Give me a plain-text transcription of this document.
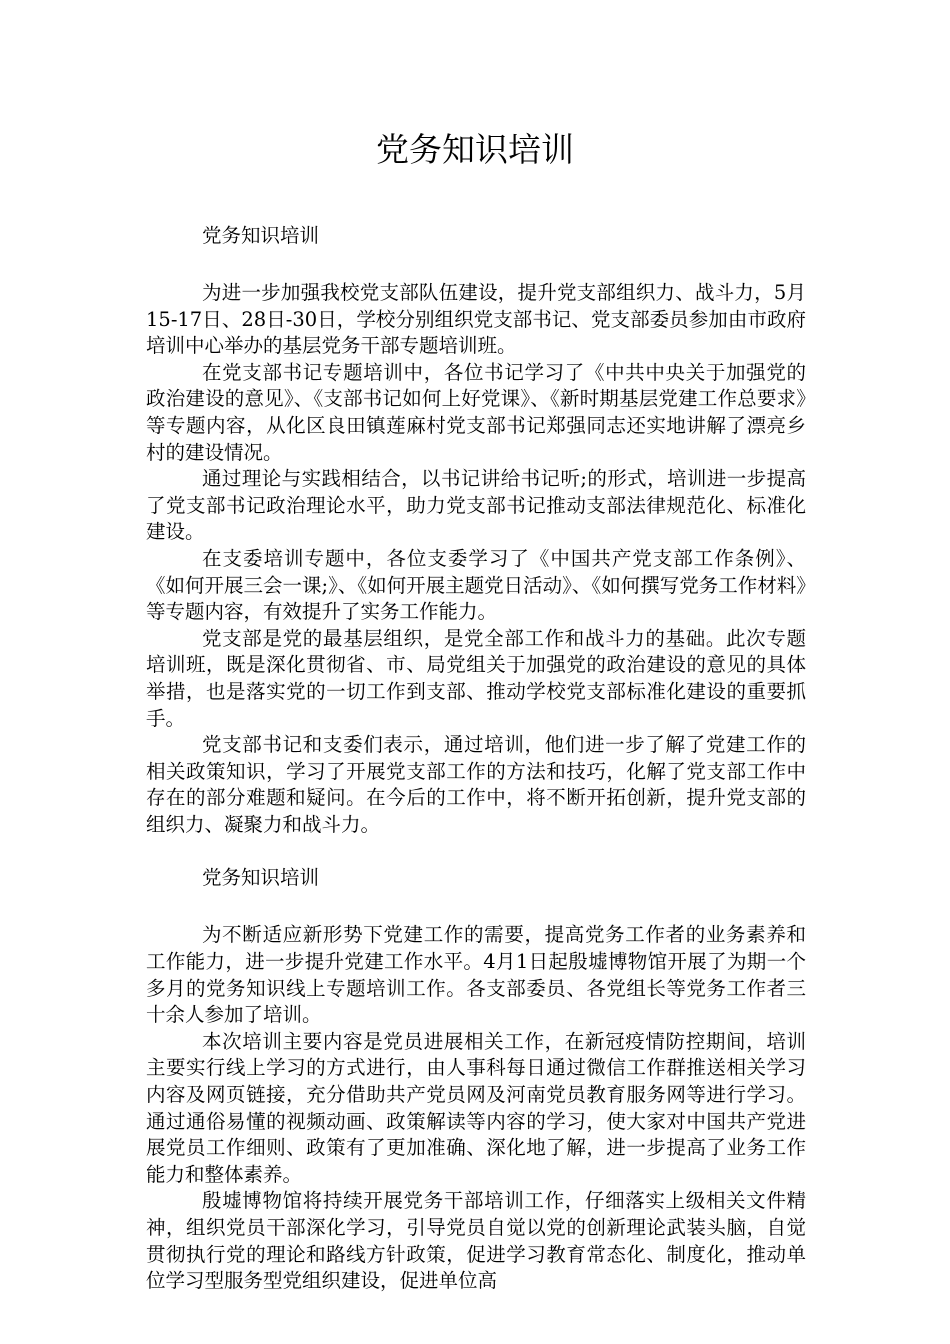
党务知识培训
党务知识培训

为进一步加强我校党支部队伍建设，提升党支部组织力、战斗力，5月15-17日、28日-30日，学校分别组织党支部书记、党支部委员参加由市政府培训中心举办的基层党务干部专题培训班。

在党支部书记专题培训中，各位书记学习了《中共中央关于加强党的政治建设的意见》、《支部书记如何上好党课》、《新时期基层党建工作总要求》等专题内容，从化区良田镇莲麻村党支部书记郑强同志还实地讲解了漂亮乡村的建设情况。

通过理论与实践相结合，以书记讲给书记听;的形式，培训进一步提高了党支部书记政治理论水平，助力党支部书记推动支部法律规范化、标准化建设。

在支委培训专题中，各位支委学习了《中国共产党支部工作条例》、《如何开展三会一课;》、《如何开展主题党日活动》、《如何撰写党务工作材料》等专题内容，有效提升了实务工作能力。

党支部是党的最基层组织，是党全部工作和战斗力的基础。此次专题培训班，既是深化贯彻省、市、局党组关于加强党的政治建设的意见的具体举措，也是落实党的一切工作到支部、推动学校党支部标准化建设的重要抓手。

党支部书记和支委们表示，通过培训，他们进一步了解了党建工作的相关政策知识，学习了开展党支部工作的方法和技巧，化解了党支部工作中存在的部分难题和疑问。在今后的工作中，将不断开拓创新，提升党支部的组织力、凝聚力和战斗力。

党务知识培训

为不断适应新形势下党建工作的需要，提高党务工作者的业务素养和工作能力，进一步提升党建工作水平。4月1日起殷墟博物馆开展了为期一个多月的党务知识线上专题培训工作。各支部委员、各党组长等党务工作者三十余人参加了培训。

本次培训主要内容是党员进展相关工作，在新冠疫情防控期间，培训主要实行线上学习的方式进行，由人事科每日通过微信工作群推送相关学习内容及网页链接，充分借助共产党员网及河南党员教育服务网等进行学习。通过通俗易懂的视频动画、政策解读等内容的学习，使大家对中国共产党进展党员工作细则、政策有了更加准确、深化地了解，进一步提高了业务工作能力和整体素养。

殷墟博物馆将持续开展党务干部培训工作，仔细落实上级相关文件精神，组织党员干部深化学习，引导党员自觉以党的创新理论武装头脑，自觉贯彻执行党的理论和路线方针政策，促进学习教育常态化、制度化，推动单位学习型服务型党组织建设，促进单位高
